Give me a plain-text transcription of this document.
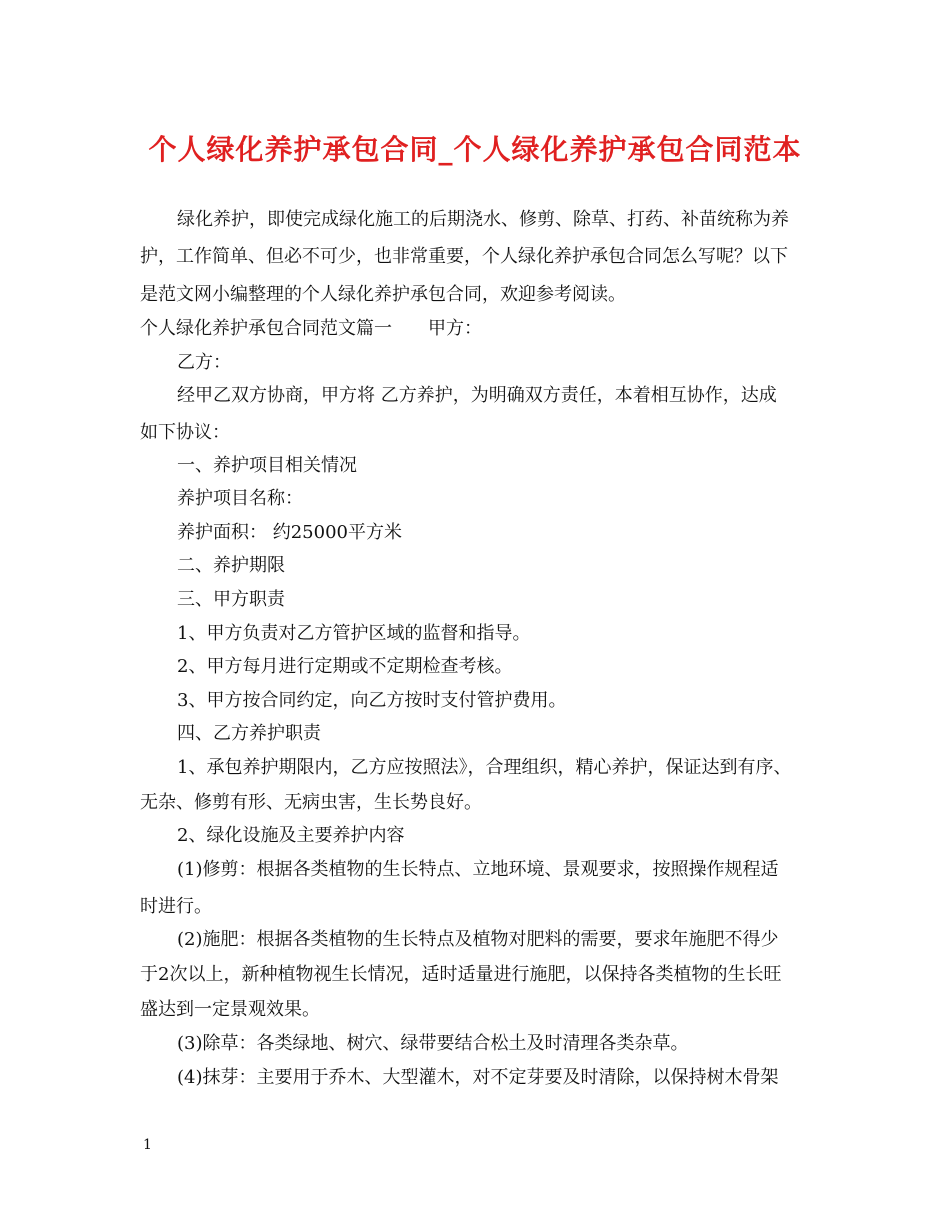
个人绿化养护承包合同_个人绿化养护承包合同范本
绿化养护，即使完成绿化施工的后期浇水、修剪、除草、打药、补苗统称为养
护，工作简单、但必不可少，也非常重要，个人绿化养护承包合同怎么写呢？以下
是范文网小编整理的个人绿化养护承包合同，欢迎参考阅读。
个人绿化养护承包合同范文篇一　　甲方：
乙方：
经甲乙双方协商，甲方将 乙方养护，为明确双方责任，本着相互协作，达成
如下协议：
一、养护项目相关情况
养护项目名称：
养护面积： 约25000平方米
二、养护期限
三、甲方职责
1、甲方负责对乙方管护区域的监督和指导。
2、甲方每月进行定期或不定期检查考核。
3、甲方按合同约定，向乙方按时支付管护费用。
四、乙方养护职责
1、承包养护期限内，乙方应按照法》，合理组织，精心养护，保证达到有序、
无杂、修剪有形、无病虫害，生长势良好。
2、绿化设施及主要养护内容
(1)修剪：根据各类植物的生长特点、立地环境、景观要求，按照操作规程适
时进行。
(2)施肥：根据各类植物的生长特点及植物对肥料的需要，要求年施肥不得少
于2次以上，新种植物视生长情况，适时适量进行施肥，以保持各类植物的生长旺
盛达到一定景观效果。
(3)除草：各类绿地、树穴、绿带要结合松土及时清理各类杂草。
(4)抹芽：主要用于乔木、大型灌木，对不定芽要及时清除，以保持树木骨架
1
